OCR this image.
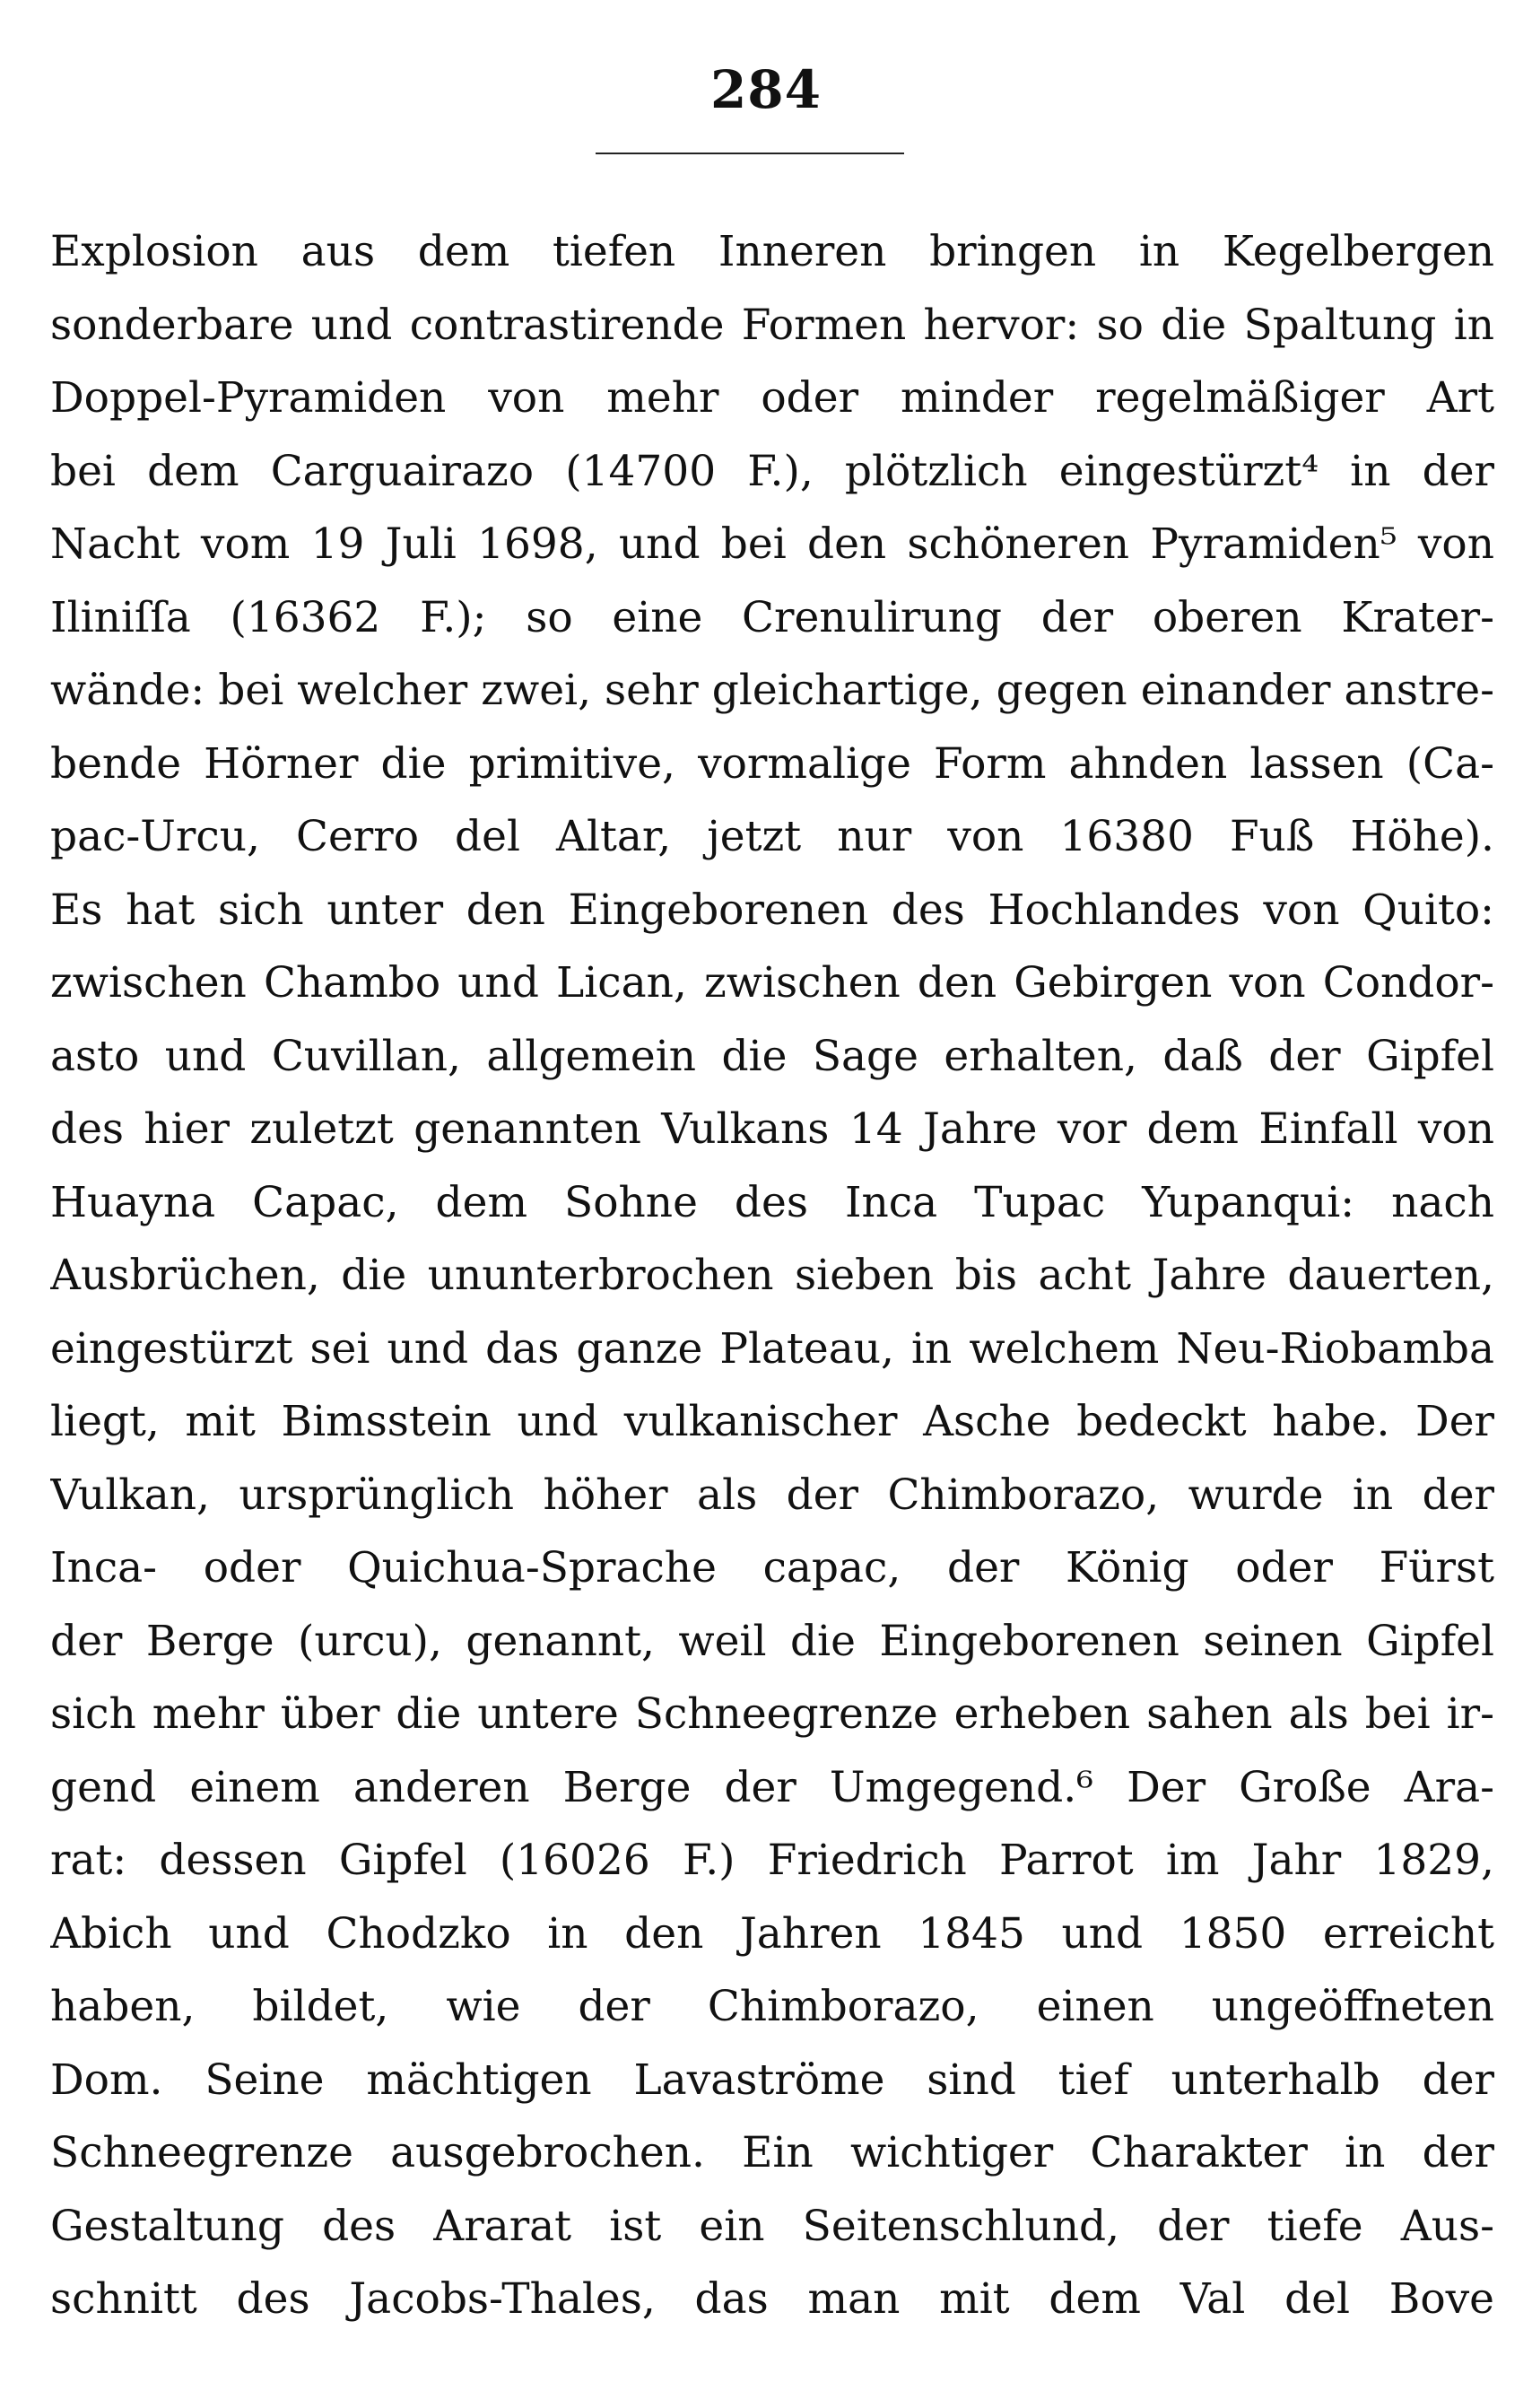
284
Explosion aus dem tiefen Inneren bringen in Kegelbergen
sonderbare und contrastirende Formen hervor: so die Spaltung in
Doppel-Pyramiden von mehr oder minder regelmäßiger Art
bei dem Carguairazo (14700 F.), plötzlich eingestürzt⁴ in der
Nacht vom 19 Juli 1698, und bei den schöneren Pyramiden⁵ von
Iliniſſa (16362 F.); so eine Crenulirung der oberen Krater-
wände: bei welcher zwei, sehr gleichartige, gegen einander anstre-
bende Hörner die primitive, vormalige Form ahnden lassen (Ca-
pac-Urcu, Cerro del Altar, jetzt nur von 16380 Fuß Höhe).
Es hat sich unter den Eingeborenen des Hochlandes von Quito:
zwischen Chambo und Lican, zwischen den Gebirgen von Condor-
asto und Cuvillan, allgemein die Sage erhalten, daß der Gipfel
des hier zuletzt genannten Vulkans 14 Jahre vor dem Einfall von
Huayna Capac, dem Sohne des Inca Tupac Yupanqui: nach
Ausbrüchen, die ununterbrochen sieben bis acht Jahre dauerten,
eingestürzt sei und das ganze Plateau, in welchem Neu-Riobamba
liegt, mit Bimsstein und vulkanischer Asche bedeckt habe. Der
Vulkan, ursprünglich höher als der Chimborazo, wurde in der
Inca- oder Quichua-Sprache capac, der König oder Fürst
der Berge (urcu), genannt, weil die Eingeborenen seinen Gipfel
sich mehr über die untere Schneegrenze erheben sahen als bei ir-
gend einem anderen Berge der Umgegend.⁶ Der Große Ara-
rat: dessen Gipfel (16026 F.) Friedrich Parrot im Jahr 1829,
Abich und Chodzko in den Jahren 1845 und 1850 erreicht
haben, bildet, wie der Chimborazo, einen ungeöffneten
Dom. Seine mächtigen Lavaströme sind tief unterhalb der
Schneegrenze ausgebrochen. Ein wichtiger Charakter in der
Gestaltung des Ararat ist ein Seitenschlund, der tiefe Aus-
schnitt des Jacobs-Thales, das man mit dem Val del Bove
